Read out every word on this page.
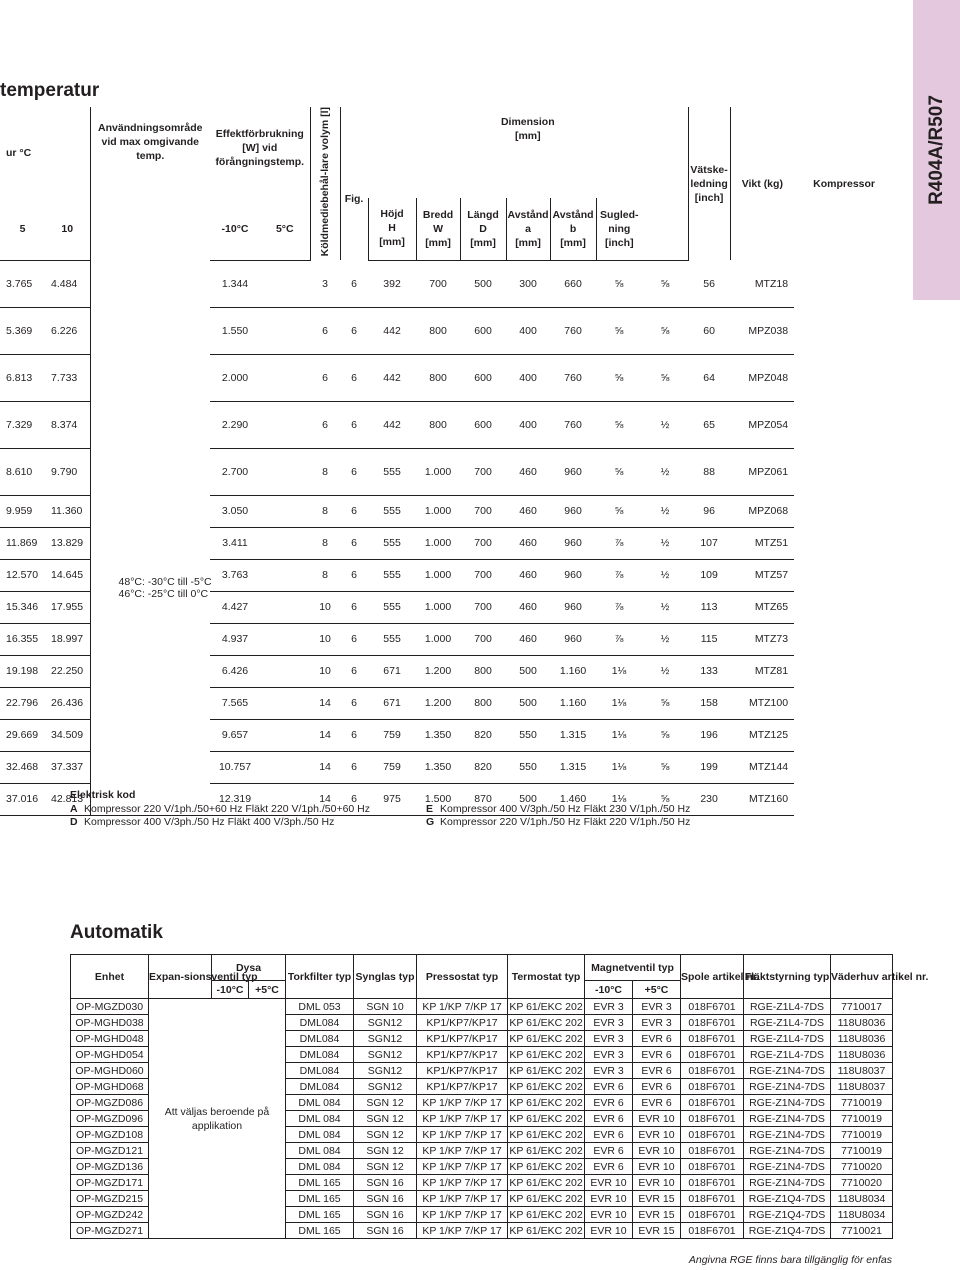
R404A/R507
temperatur
ur °C		Användningsområde vid max omgivande temp.	Effektförbrukning [W] vid förångningstemp.		Köldmediebehål-lare volym [l]	Fig.	Dimension
[mm]							Vätske-
ledning
[inch]	Vikt (kg)	Kompressor
5	10		-10°C	5°C			Höjd
H
[mm]	Bredd
W
[mm]	Längd
D
[mm]	Avstånd
a
[mm]	Avstånd
b
[mm]	Sugled-
ning
[inch]				

3.765	4.484	48°C: -30°C till -5°C
46°C: -25°C till 0°C	1.344		3	6	392	700	500	300	660	⅝	⅝	56	MTZ18	
5.369	6.226		1.550		6	6	442	800	600	400	760	⅝	⅝	60	MPZ038	
6.813	7.733		2.000		6	6	442	800	600	400	760	⅝	⅝	64	MPZ048	
7.329	8.374		2.290		6	6	442	800	600	400	760	⅝	½	65	MPZ054	
8.610	9.790		2.700		8	6	555	1.000	700	460	960	⅝	½	88	MPZ061	
9.959	11.360		3.050		8	6	555	1.000	700	460	960	⅝	½	96	MPZ068	
11.869	13.829		3.411		8	6	555	1.000	700	460	960	⅞	½	107	MTZ51	
12.570	14.645		3.763		8	6	555	1.000	700	460	960	⅞	½	109	MTZ57	
15.346	17.955		4.427		10	6	555	1.000	700	460	960	⅞	½	113	MTZ65	
16.355	18.997		4.937		10	6	555	1.000	700	460	960	⅞	½	115	MTZ73	
19.198	22.250		6.426		10	6	671	1.200	800	500	1.160	1⅛	½	133	MTZ81	
22.796	26.436		7.565		14	6	671	1.200	800	500	1.160	1⅛	⅝	158	MTZ100	
29.669	34.509		9.657		14	6	759	1.350	820	550	1.315	1⅛	⅝	196	MTZ125	
32.468	37.337		10.757		14	6	759	1.350	820	550	1.315	1⅛	⅝	199	MTZ144	
37.016	42.813		12.319		14	6	975	1.500	870	500	1.460	1⅛	⅝	230	MTZ160	
Elektrisk kod
A Kompressor 220 V/1ph./50+60 Hz Fläkt 220 V/1ph./50+60 Hz
D Kompressor 400 V/3ph./50 Hz Fläkt 400 V/3ph./50 Hz
E Kompressor 400 V/3ph./50 Hz Fläkt 230 V/1ph./50 Hz
G Kompressor 220 V/1ph./50 Hz Fläkt 220 V/1ph./50 Hz
Automatik
Enhet	Expan-sionsventil typ	Dysa		Torkfilter typ	Synglas typ	Pressostat typ	Termostat typ	Magnetventil typ		Spole artikel nr.	Fläktstyrning typ	Väderhuv artikel nr.
		-10°C	+5°C					-10°C	+5°C			
OP-MGZD030	Att väljas beroende på applikation			DML 053	SGN 10	KP 1/KP 7/KP 17	KP 61/EKC 202	EVR 3	EVR 3	018F6701	RGE-Z1L4-7DS	7710017
OP-MGHD038				DML084	SGN12	KP1/KP7/KP17	KP 61/EKC 202	EVR 3	EVR 3	018F6701	RGE-Z1L4-7DS	118U8036
OP-MGHD048				DML084	SGN12	KP1/KP7/KP17	KP 61/EKC 202	EVR 3	EVR 6	018F6701	RGE-Z1L4-7DS	118U8036
OP-MGHD054				DML084	SGN12	KP1/KP7/KP17	KP 61/EKC 202	EVR 3	EVR 6	018F6701	RGE-Z1L4-7DS	118U8036
OP-MGHD060				DML084	SGN12	KP1/KP7/KP17	KP 61/EKC 202	EVR 3	EVR 6	018F6701	RGE-Z1N4-7DS	118U8037
OP-MGHD068				DML084	SGN12	KP1/KP7/KP17	KP 61/EKC 202	EVR 6	EVR 6	018F6701	RGE-Z1N4-7DS	118U8037
OP-MGZD086				DML 084	SGN 12	KP 1/KP 7/KP 17	KP 61/EKC 202	EVR 6	EVR 6	018F6701	RGE-Z1N4-7DS	7710019
OP-MGZD096				DML 084	SGN 12	KP 1/KP 7/KP 17	KP 61/EKC 202	EVR 6	EVR 10	018F6701	RGE-Z1N4-7DS	7710019
OP-MGZD108				DML 084	SGN 12	KP 1/KP 7/KP 17	KP 61/EKC 202	EVR 6	EVR 10	018F6701	RGE-Z1N4-7DS	7710019
OP-MGZD121				DML 084	SGN 12	KP 1/KP 7/KP 17	KP 61/EKC 202	EVR 6	EVR 10	018F6701	RGE-Z1N4-7DS	7710019
OP-MGZD136				DML 084	SGN 12	KP 1/KP 7/KP 17	KP 61/EKC 202	EVR 6	EVR 10	018F6701	RGE-Z1N4-7DS	7710020
OP-MGZD171				DML 165	SGN 16	KP 1/KP 7/KP 17	KP 61/EKC 202	EVR 10	EVR 10	018F6701	RGE-Z1N4-7DS	7710020
OP-MGZD215				DML 165	SGN 16	KP 1/KP 7/KP 17	KP 61/EKC 202	EVR 10	EVR 15	018F6701	RGE-Z1Q4-7DS	118U8034
OP-MGZD242				DML 165	SGN 16	KP 1/KP 7/KP 17	KP 61/EKC 202	EVR 10	EVR 15	018F6701	RGE-Z1Q4-7DS	118U8034
OP-MGZD271				DML 165	SGN 16	KP 1/KP 7/KP 17	KP 61/EKC 202	EVR 10	EVR 15	018F6701	RGE-Z1Q4-7DS	7710021
Angivna RGE finns bara tillgänglig för enfas
